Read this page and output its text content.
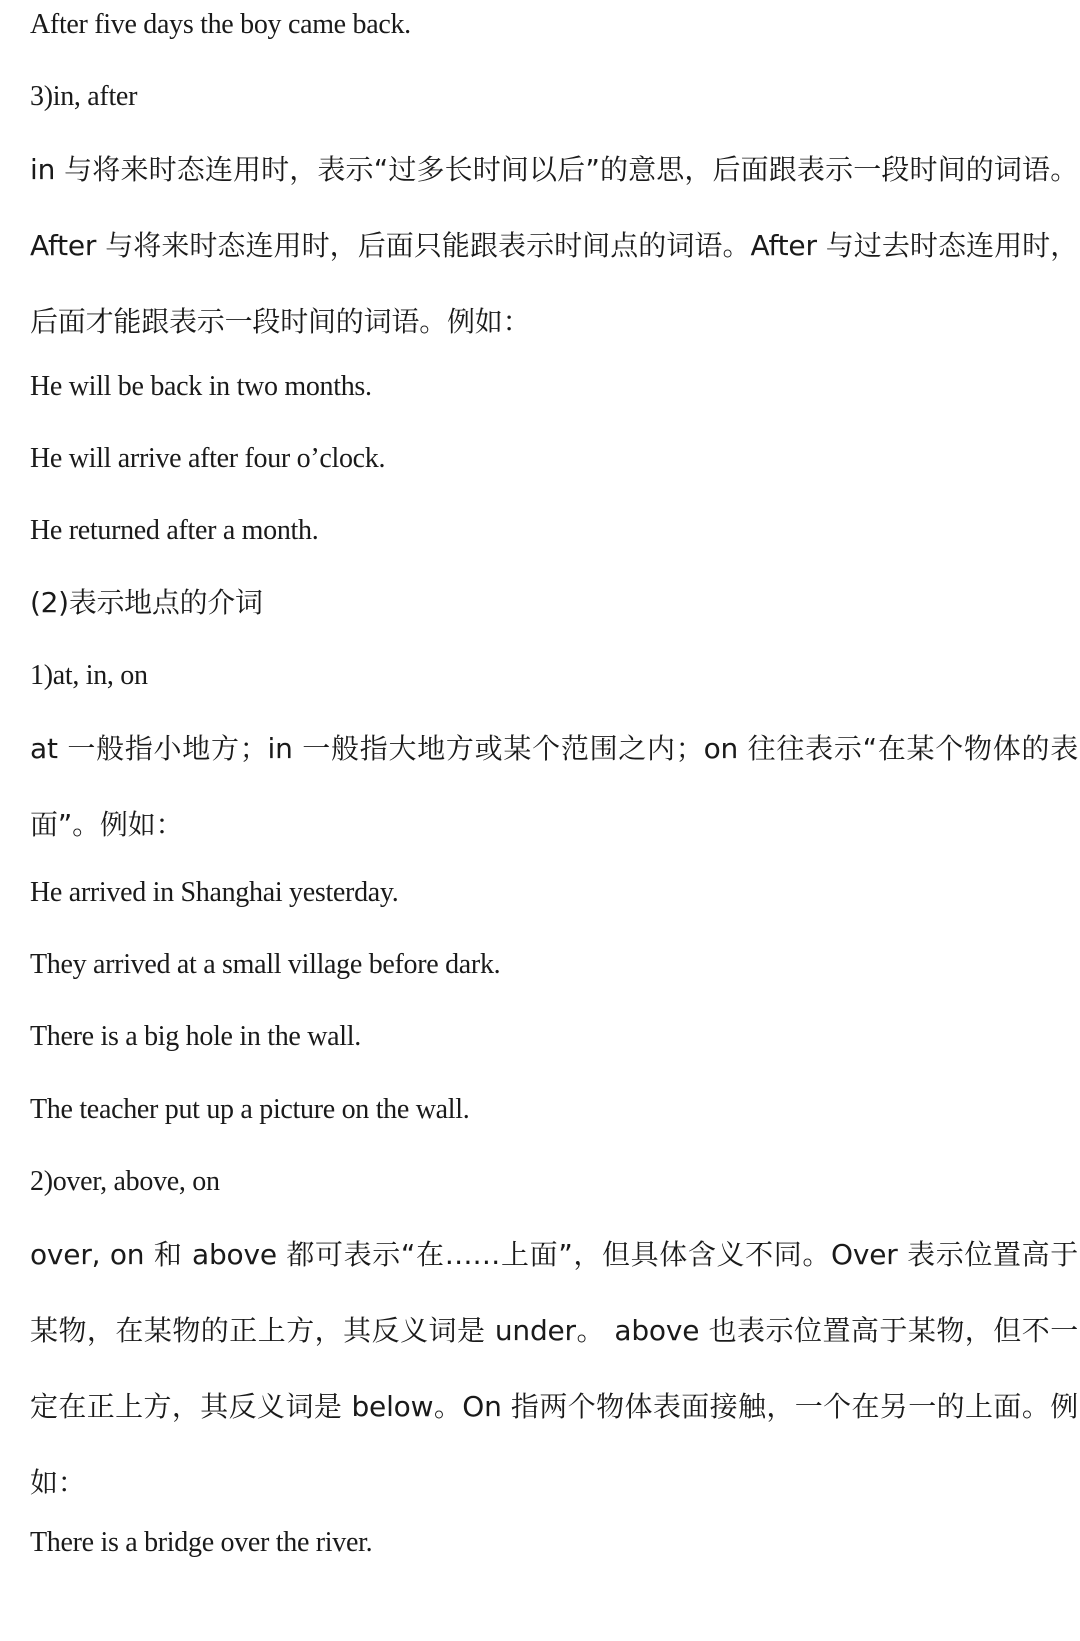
After five days the boy came back.

3)in, after

in 与将来时态连用时，表示“过多长时间以后”的意思，后面跟表示一段时间的​词语。After 与将来时态连用时，后面只能跟表示时间点的词语。After 与过去时​态连用时，后面才能跟表示一段时间的词语。例如：

He will be back in two months.

He will arrive after four o’clock.

He returned after a month.

(2)表示地点的介词

1)at, in, on

at 一般指小地方；in 一般指大地方或某个范围之内；on 往往表示“在某个物体的​表面”。例如：

He arrived in Shanghai yesterday.

They arrived at a small village before dark.

There is a big hole in the wall.

The teacher put up a picture on the wall.

2)over, above, on

over, on 和 above 都可表示“在……上面”，但具体含义不同。Over 表示位置高于​某物，在某物的正上方，其反义词是 under。 above 也表示位置高于某物，但不​一定在正上方，其反义词是 below。On 指两个物体表面接触，一个在另一的上​面。例如：

There is a bridge over the river.
